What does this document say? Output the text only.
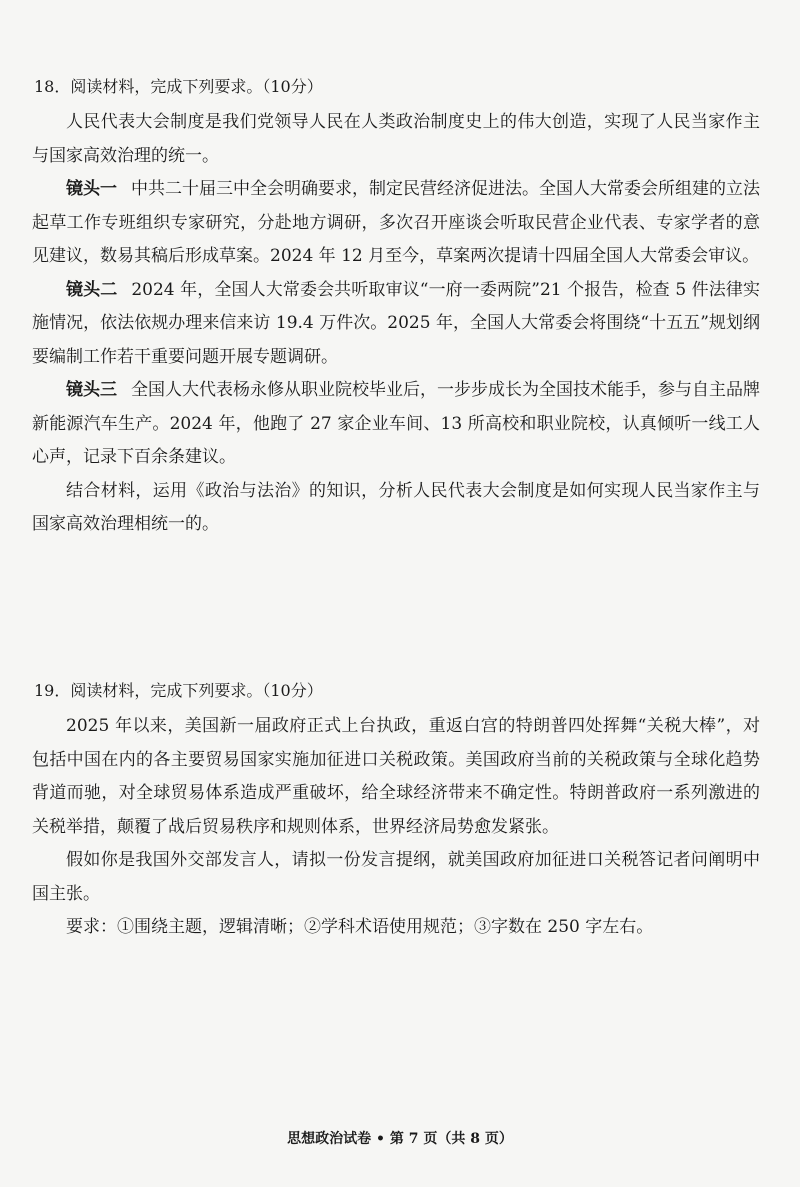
18．阅读材料，完成下列要求。（10分）

人民代表大会制度是我们党领导人民在人类政治制度史上的伟大创造，实现了人民当家作主与国家高效治理的统一。

镜头一 中共二十届三中全会明确要求，制定民营经济促进法。全国人大常委会所组建的立法起草工作专班组织专家研究，分赴地方调研，多次召开座谈会听取民营企业代表、专家学者的意见建议，数易其稿后形成草案。2024 年 12 月至今，草案两次提请十四届全国人大常委会审议。

镜头二 2024 年，全国人大常委会共听取审议“一府一委两院”21 个报告，检查 5 件法律实施情况，依法依规办理来信来访 19.4 万件次。2025 年，全国人大常委会将围绕“十五五”规划纲要编制工作若干重要问题开展专题调研。

镜头三 全国人大代表杨永修从职业院校毕业后，一步步成长为全国技术能手，参与自主品牌新能源汽车生产。2024 年，他跑了 27 家企业车间、13 所高校和职业院校，认真倾听一线工人心声，记录下百余条建议。

结合材料，运用《政治与法治》的知识，分析人民代表大会制度是如何实现人民当家作主与国家高效治理相统一的。

19．阅读材料，完成下列要求。（10分）

2025 年以来，美国新一届政府正式上台执政，重返白宫的特朗普四处挥舞“关税大棒”，对包括中国在内的各主要贸易国家实施加征进口关税政策。美国政府当前的关税政策与全球化趋势背道而驰，对全球贸易体系造成严重破坏，给全球经济带来不确定性。特朗普政府一系列激进的关税举措，颠覆了战后贸易秩序和规则体系，世界经济局势愈发紧张。

假如你是我国外交部发言人，请拟一份发言提纲，就美国政府加征进口关税答记者问阐明中国主张。

要求：①围绕主题，逻辑清晰；②学科术语使用规范；③字数在 250 字左右。

思想政治试卷 • 第 7 页（共 8 页）
